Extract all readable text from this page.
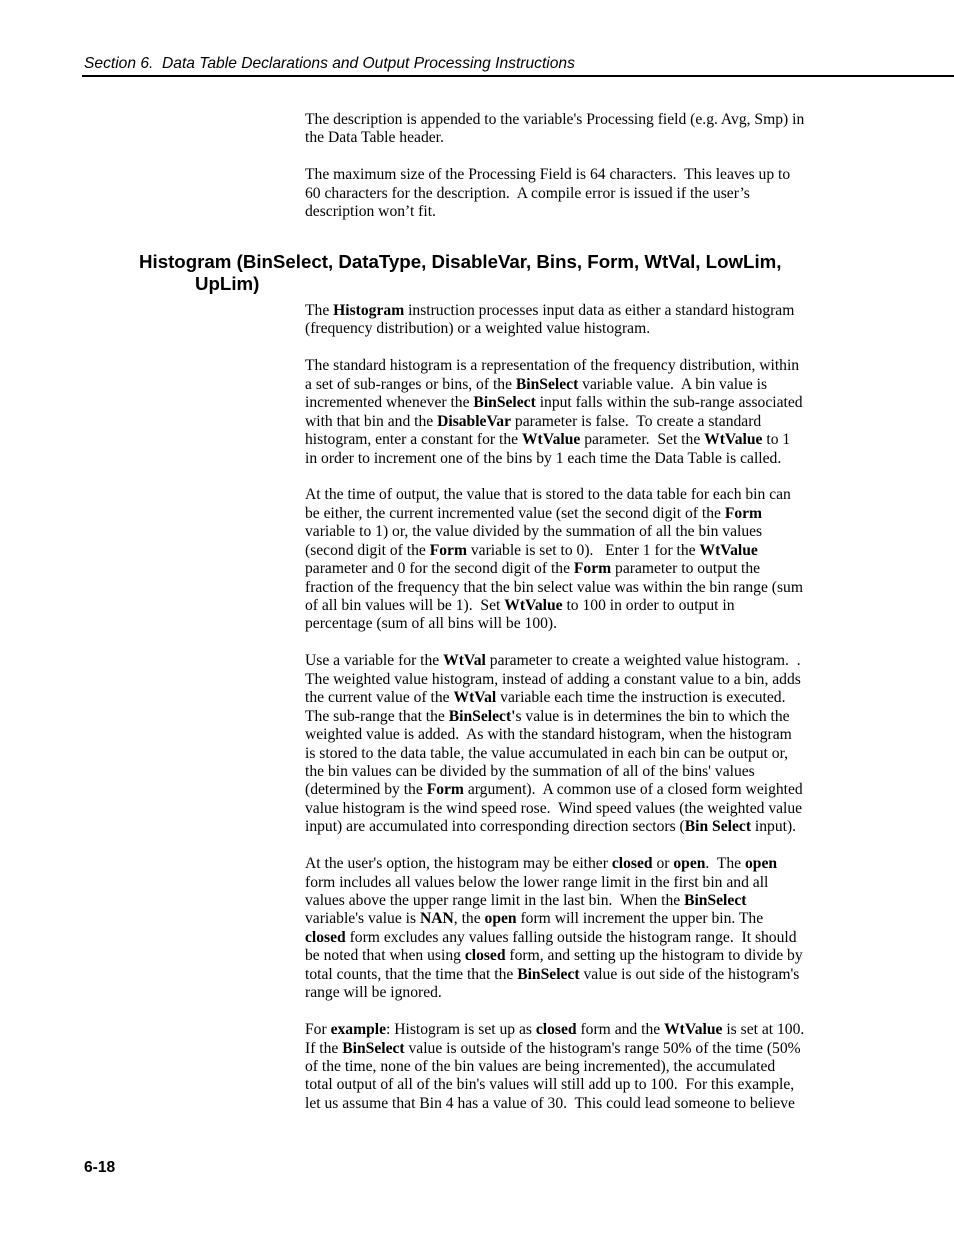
Section 6.  Data Table Declarations and Output Processing Instructions

The description is appended to the variable's Processing field (e.g. Avg, Smp) in
the Data Table header.

The maximum size of the Processing Field is 64 characters.  This leaves up to
60 characters for the description.  A compile error is issued if the user’s
description won’t fit.

Histogram (BinSelect, DataType, DisableVar, Bins, Form, WtVal, LowLim,
UpLim)

The Histogram instruction processes input data as either a standard histogram
(frequency distribution) or a weighted value histogram.

The standard histogram is a representation of the frequency distribution, within
a set of sub-ranges or bins, of the BinSelect variable value.  A bin value is
incremented whenever the BinSelect input falls within the sub-range associated
with that bin and the DisableVar parameter is false.  To create a standard
histogram, enter a constant for the WtValue parameter.  Set the WtValue to 1
in order to increment one of the bins by 1 each time the Data Table is called.

At the time of output, the value that is stored to the data table for each bin can
be either, the current incremented value (set the second digit of the Form
variable to 1) or, the value divided by the summation of all the bin values
(second digit of the Form variable is set to 0).   Enter 1 for the WtValue
parameter and 0 for the second digit of the Form parameter to output the
fraction of the frequency that the bin select value was within the bin range (sum
of all bin values will be 1).  Set WtValue to 100 in order to output in
percentage (sum of all bins will be 100).

Use a variable for the WtVal parameter to create a weighted value histogram.  .
The weighted value histogram, instead of adding a constant value to a bin, adds
the current value of the WtVal variable each time the instruction is executed.
The sub-range that the BinSelect's value is in determines the bin to which the
weighted value is added.  As with the standard histogram, when the histogram
is stored to the data table, the value accumulated in each bin can be output or,
the bin values can be divided by the summation of all of the bins' values
(determined by the Form argument).  A common use of a closed form weighted
value histogram is the wind speed rose.  Wind speed values (the weighted value
input) are accumulated into corresponding direction sectors (Bin Select input).

At the user's option, the histogram may be either closed or open.  The open
form includes all values below the lower range limit in the first bin and all
values above the upper range limit in the last bin.  When the BinSelect
variable's value is NAN, the open form will increment the upper bin. The
closed form excludes any values falling outside the histogram range.  It should
be noted that when using closed form, and setting up the histogram to divide by
total counts, that the time that the BinSelect value is out side of the histogram's
range will be ignored.

For example: Histogram is set up as closed form and the WtValue is set at 100.
If the BinSelect value is outside of the histogram's range 50% of the time (50%
of the time, none of the bin values are being incremented), the accumulated
total output of all of the bin's values will still add up to 100.  For this example,
let us assume that Bin 4 has a value of 30.  This could lead someone to believe

6-18
